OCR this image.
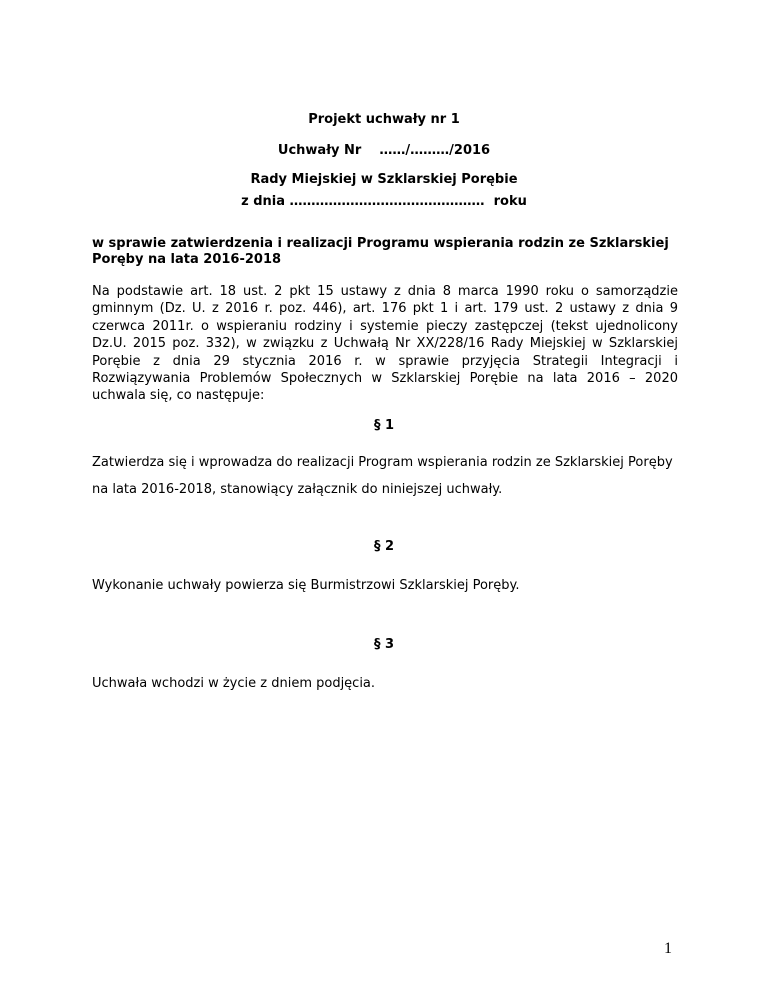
Projekt uchwały nr 1
Uchwały Nr    ……/………/2016
Rady Miejskiej w Szklarskiej Porębie
z dnia ………………………………………  roku
w sprawie zatwierdzenia i realizacji Programu wspierania rodzin ze Szklarskiej Poręby na lata 2016-2018
Na podstawie art. 18 ust. 2 pkt 15 ustawy z dnia 8 marca 1990 roku o samorządzie gminnym (Dz. U. z 2016 r. poz. 446), art. 176 pkt 1 i art. 179 ust. 2 ustawy z dnia 9 czerwca 2011r. o wspieraniu rodziny i systemie pieczy zastępczej (tekst ujednolicony Dz.U. 2015 poz. 332), w związku z Uchwałą Nr XX/228/16 Rady Miejskiej w Szklarskiej Porębie z dnia 29 stycznia 2016 r. w sprawie przyjęcia Strategii Integracji i Rozwiązywania Problemów Społecznych w Szklarskiej Porębie na lata 2016 – 2020 uchwala się, co następuje:
§ 1
Zatwierdza się i wprowadza do realizacji Program wspierania rodzin ze Szklarskiej Poręby na lata 2016-2018, stanowiący załącznik do niniejszej uchwały.
§ 2
Wykonanie uchwały powierza się Burmistrzowi Szklarskiej Poręby.
§ 3
Uchwała wchodzi w życie z dniem podjęcia.
1
